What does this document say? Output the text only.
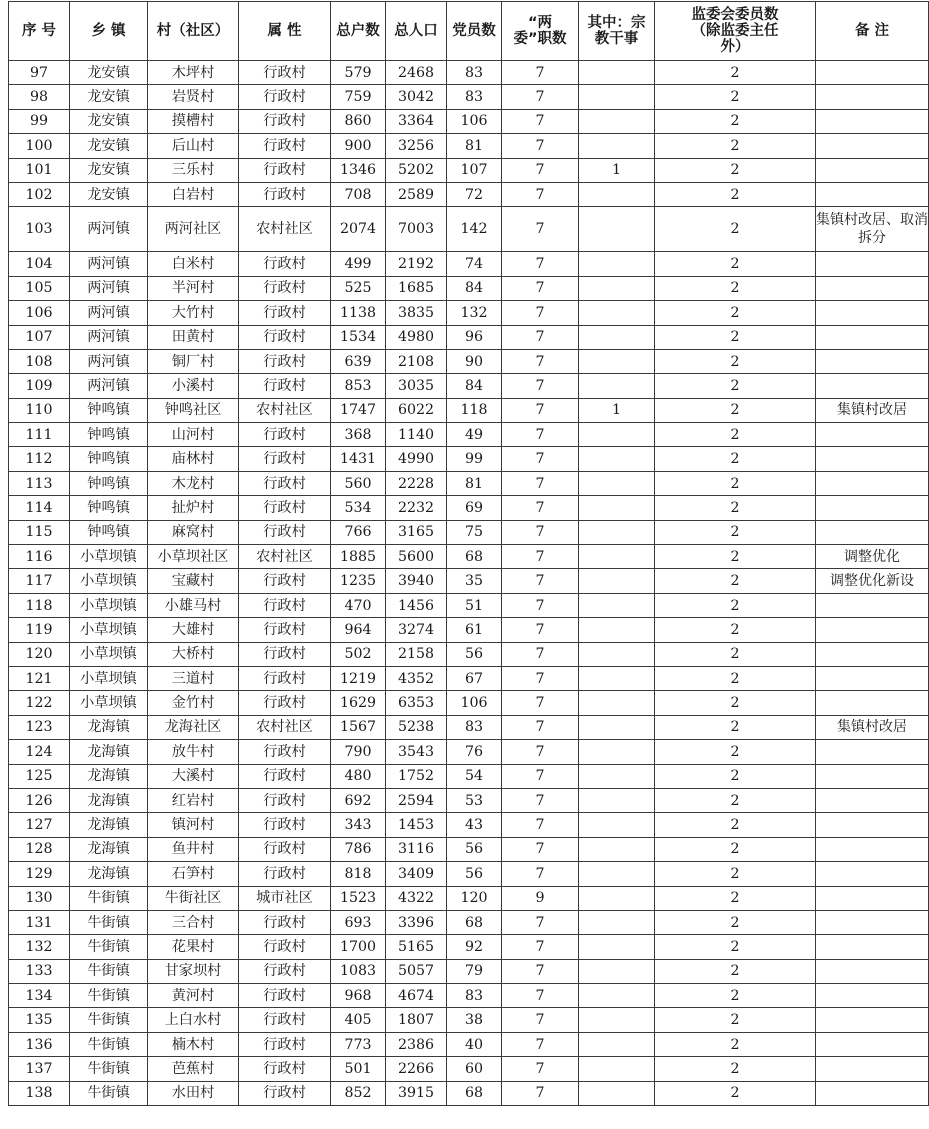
序 号	乡 镇	村（社区）	属 性	总户数	总人口	党员数	“两委”职数	其中：宗教干事	监委会委员数（除监委主任外）	备 注
97	龙安镇	木坪村	行政村	579	2468	83	7		2	
98	龙安镇	岩贤村	行政村	759	3042	83	7		2	
99	龙安镇	摸槽村	行政村	860	3364	106	7		2	
100	龙安镇	后山村	行政村	900	3256	81	7		2	
101	龙安镇	三乐村	行政村	1346	5202	107	7	1	2	
102	龙安镇	白岩村	行政村	708	2589	72	7		2	
103	两河镇	两河社区	农村社区	2074	7003	142	7		2	集镇村改居、取消拆分
104	两河镇	白米村	行政村	499	2192	74	7		2	
105	两河镇	半河村	行政村	525	1685	84	7		2	
106	两河镇	大竹村	行政村	1138	3835	132	7		2	
107	两河镇	田黄村	行政村	1534	4980	96	7		2	
108	两河镇	铜厂村	行政村	639	2108	90	7		2	
109	两河镇	小溪村	行政村	853	3035	84	7		2	
110	钟鸣镇	钟鸣社区	农村社区	1747	6022	118	7	1	2	集镇村改居
111	钟鸣镇	山河村	行政村	368	1140	49	7		2	
112	钟鸣镇	庙林村	行政村	1431	4990	99	7		2	
113	钟鸣镇	木龙村	行政村	560	2228	81	7		2	
114	钟鸣镇	扯炉村	行政村	534	2232	69	7		2	
115	钟鸣镇	麻窝村	行政村	766	3165	75	7		2	
116	小草坝镇	小草坝社区	农村社区	1885	5600	68	7		2	调整优化
117	小草坝镇	宝藏村	行政村	1235	3940	35	7		2	调整优化新设
118	小草坝镇	小雄马村	行政村	470	1456	51	7		2	
119	小草坝镇	大雄村	行政村	964	3274	61	7		2	
120	小草坝镇	大桥村	行政村	502	2158	56	7		2	
121	小草坝镇	三道村	行政村	1219	4352	67	7		2	
122	小草坝镇	金竹村	行政村	1629	6353	106	7		2	
123	龙海镇	龙海社区	农村社区	1567	5238	83	7		2	集镇村改居
124	龙海镇	放牛村	行政村	790	3543	76	7		2	
125	龙海镇	大溪村	行政村	480	1752	54	7		2	
126	龙海镇	红岩村	行政村	692	2594	53	7		2	
127	龙海镇	镇河村	行政村	343	1453	43	7		2	
128	龙海镇	鱼井村	行政村	786	3116	56	7		2	
129	龙海镇	石笋村	行政村	818	3409	56	7		2	
130	牛街镇	牛街社区	城市社区	1523	4322	120	9		2	
131	牛街镇	三合村	行政村	693	3396	68	7		2	
132	牛街镇	花果村	行政村	1700	5165	92	7		2	
133	牛街镇	甘家坝村	行政村	1083	5057	79	7		2	
134	牛街镇	黄河村	行政村	968	4674	83	7		2	
135	牛街镇	上白水村	行政村	405	1807	38	7		2	
136	牛街镇	楠木村	行政村	773	2386	40	7		2	
137	牛街镇	芭蕉村	行政村	501	2266	60	7		2	
138	牛街镇	水田村	行政村	852	3915	68	7		2	
